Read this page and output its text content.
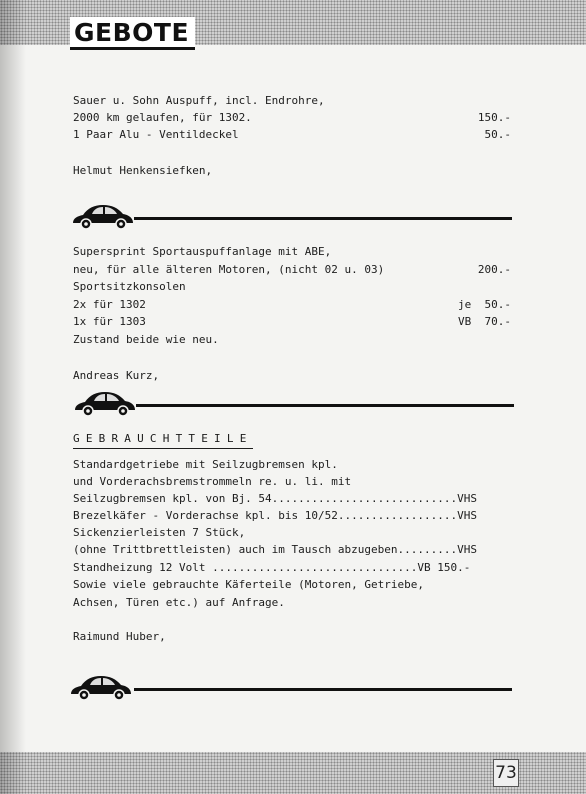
GEBOTE
Sauer u. Sohn Auspuff, incl. Endrohre,
2000 km gelaufen, für 1302.	150.-
1 Paar Alu - Ventildeckel	50.-
Helmut Henkensiefken,
Supersprint Sportauspuffanlage mit ABE,
neu, für alle älteren Motoren, (nicht 02 u. 03)	200.-
Sportsitzkonsolen
2x für 1302	je  50.-
1x für 1303	VB  70.-
Zustand beide wie neu.
Andreas Kurz,
GEBRAUCHTTEILE
Standardgetriebe mit Seilzugbremsen kpl.
und Vorderachsbremstrommeln re. u. li. mit
Seilzugbremsen kpl. von Bj. 54............................VHS
Brezelkäfer - Vorderachse kpl. bis 10/52..................VHS
Sickenzierleisten 7 Stück,
(ohne Trittbrettleisten) auch im Tausch abzugeben.........VHS
Standheizung 12 Volt ...............................VB 150.-
Sowie viele gebrauchte Käferteile (Motoren, Getriebe,
Achsen, Türen etc.) auf Anfrage.
Raimund Huber,
73
